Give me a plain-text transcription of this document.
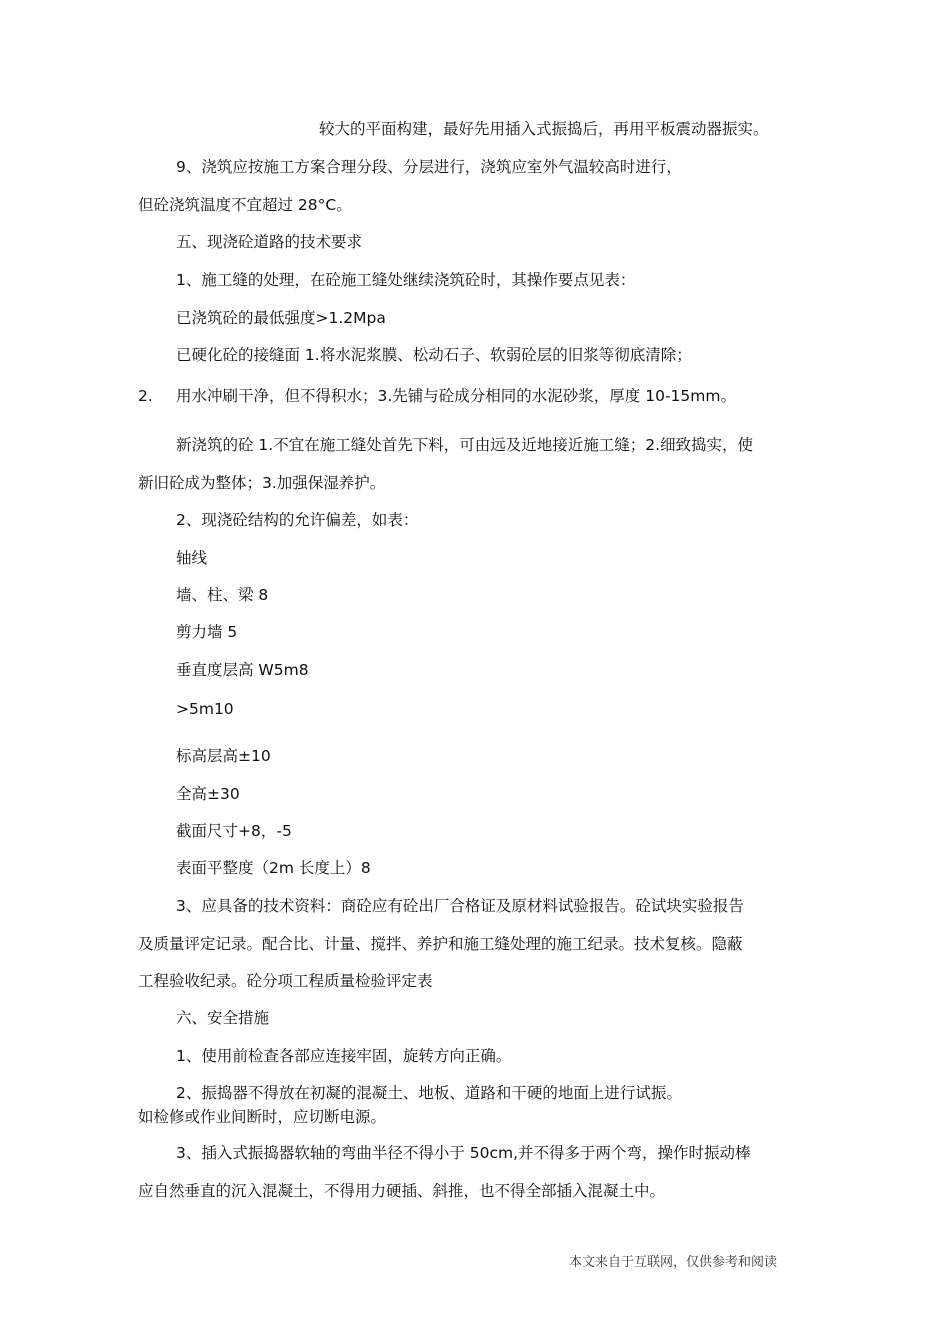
较大的平面构建，最好先用插入式振捣后，再用平板震动器振实。
9、浇筑应按施工方案合理分段、分层进行，浇筑应室外气温较高时进行，
但砼浇筑温度不宜超过 28°C。
五、现浇砼道路的技术要求
1、施工缝的处理，在砼施工缝处继续浇筑砼时，其操作要点见表：
已浇筑砼的最低强度>1.2Mpa
已硬化砼的接缝面 1.将水泥浆膜、松动石子、软弱砼层的旧浆等彻底清除；
2. 用水冲刷干净，但不得积水；3.先铺与砼成分相同的水泥砂浆，厚度 10-15mm。
新浇筑的砼 1.不宜在施工缝处首先下料，可由远及近地接近施工缝；2.细致捣实，使
新旧砼成为整体；3.加强保湿养护。
2、现浇砼结构的允许偏差，如表：
轴线
墙、柱、梁 8
剪力墙 5
垂直度层高 W5m8
>5m10
标高层高±10
全高±30
截面尺寸+8，-5
表面平整度（2m 长度上）8
3、应具备的技术资料：商砼应有砼出厂合格证及原材料试验报告。砼试块实验报告
及质量评定记录。配合比、计量、搅拌、养护和施工缝处理的施工纪录。技术复核。隐蔽
工程验收纪录。砼分项工程质量检验评定表
六、安全措施
1、使用前检查各部应连接牢固，旋转方向正确。
2、振捣器不得放在初凝的混凝土、地板、道路和干硬的地面上进行试振。
如检修或作业间断时，应切断电源。
3、插入式振捣器软轴的弯曲半径不得小于 50cm,并不得多于两个弯，操作时振动棒
应自然垂直的沉入混凝土，不得用力硬插、斜推，也不得全部插入混凝土中。
本文来自于互联网，仅供参考和阅读
